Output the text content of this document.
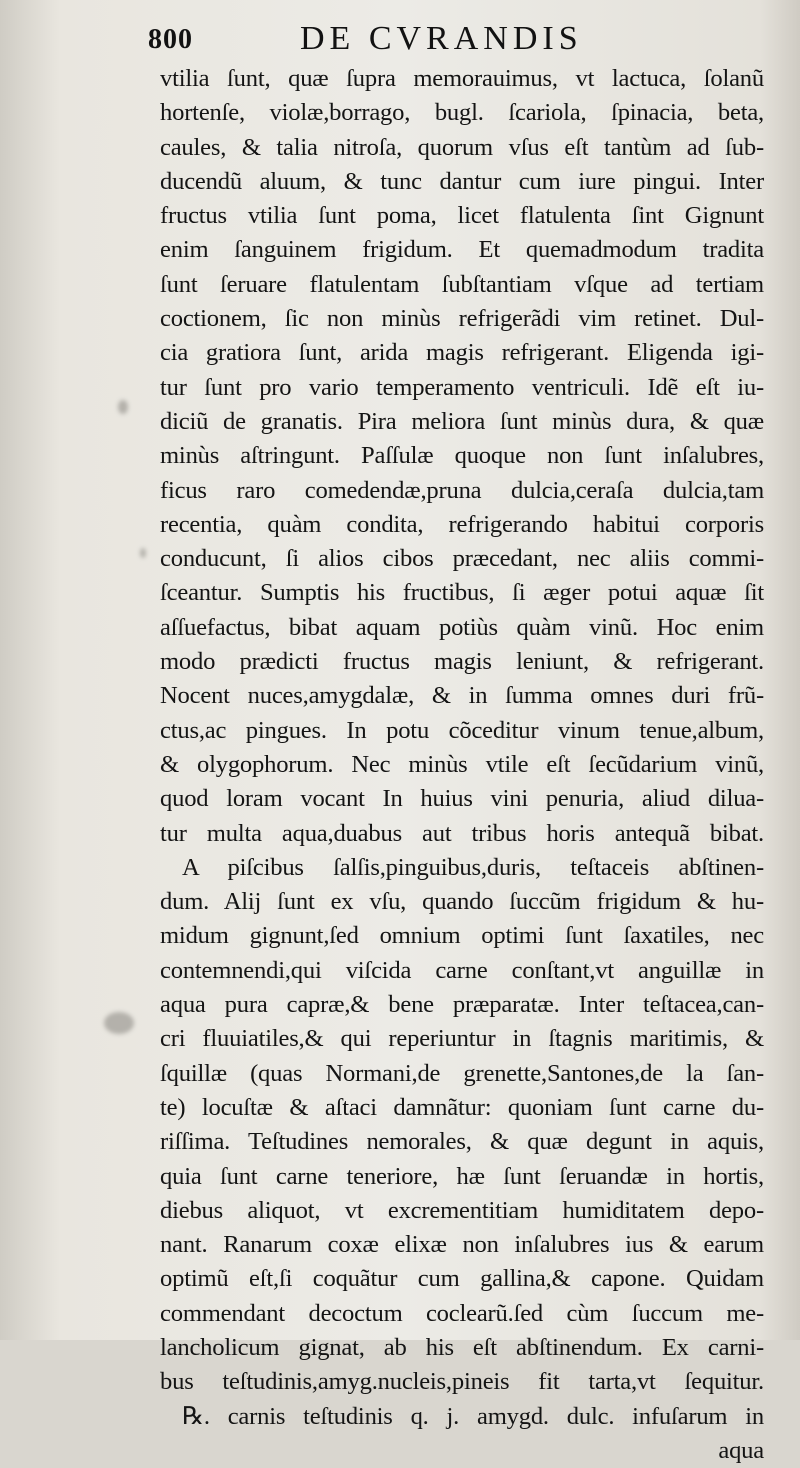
800	DE CVRANDIS
vtilia ſunt, quæ ſupra memorauimus, vt lactuca, ſolanũ
hortenſe, violæ,borrago, bugl. ſcariola, ſpinacia, beta,
caules, & talia nitroſa, quorum vſus eſt tantùm ad ſub-
ducendũ aluum, & tunc dantur cum iure pingui. Inter
fructus vtilia ſunt poma, licet flatulenta ſint Gignunt
enim ſanguinem frigidum. Et quemadmodum tradita
ſunt ſeruare flatulentam ſubſtantiam vſque ad tertiam
coctionem, ſic non minùs refrigerãdi vim retinet. Dul-
cia gratiora ſunt, arida magis refrigerant. Eligenda igi-
tur ſunt pro vario temperamento ventriculi. Idẽ eſt iu-
diciũ de granatis. Pira meliora ſunt minùs dura, & quæ
minùs aſtringunt. Paſſulæ quoque non ſunt inſalubres,
ficus raro comedendæ,pruna dulcia,ceraſa dulcia,tam
recentia, quàm condita, refrigerando habitui corporis
conducunt, ſi alios cibos præcedant, nec aliis commi-
ſceantur. Sumptis his fructibus, ſi æger potui aquæ ſit
aſſuefactus, bibat aquam potiùs quàm vinũ. Hoc enim
modo prædicti fructus magis leniunt, & refrigerant.
Nocent nuces,amygdalæ, & in ſumma omnes duri frũ-
ctus,ac pingues. In potu cõceditur vinum tenue,album,
& olygophorum. Nec minùs vtile eſt ſecũdarium vinũ,
quod loram vocant In huius vini penuria, aliud dilua-
tur multa aqua,duabus aut tribus horis antequã bibat.
A piſcibus ſalſis,pinguibus,duris, teſtaceis abſtinen-
dum. Alij ſunt ex vſu, quando ſuccũm frigidum & hu-
midum gignunt,ſed omnium optimi ſunt ſaxatiles, nec
contemnendi,qui viſcida carne conſtant,vt anguillæ in
aqua pura capræ,& bene præparatæ. Inter teſtacea,can-
cri fluuiatiles,& qui reperiuntur in ſtagnis maritimis, &
ſquillæ (quas Normani,de grenette,Santones,de la ſan-
te) locuſtæ & aſtaci damnãtur: quoniam ſunt carne du-
riſſima. Teſtudines nemorales, & quæ degunt in aquis,
quia ſunt carne teneriore, hæ ſunt ſeruandæ in hortis,
diebus aliquot, vt excrementitiam humiditatem depo-
nant. Ranarum coxæ elixæ non inſalubres ius & earum
optimũ eſt,ſi coquãtur cum gallina,& capone. Quidam
commendant decoctum coclearũ.ſed cùm ſuccum me-
lancholicum gignat, ab his eſt abſtinendum. Ex carni-
bus teſtudinis,amyg.nucleis,pineis fit tarta,vt ſequitur.
℞. carnis teſtudinis q. j. amygd. dulc. infuſarum in
aqua
